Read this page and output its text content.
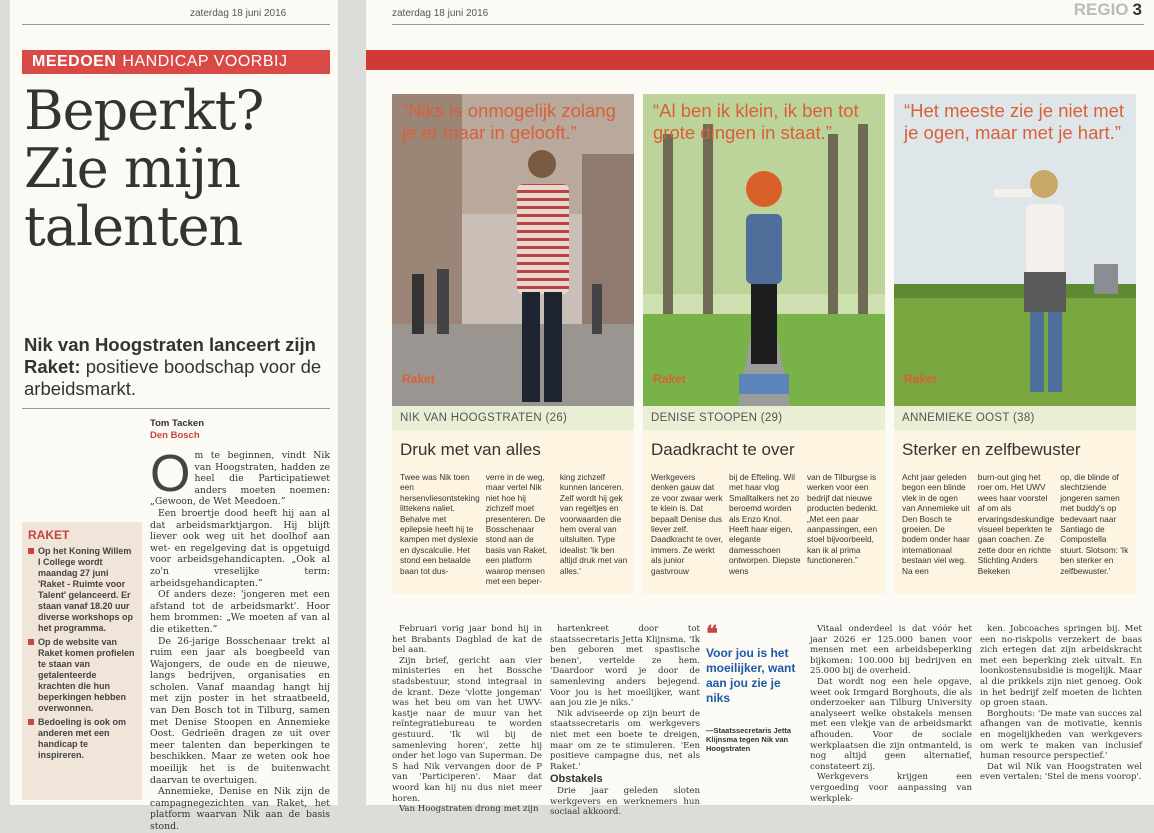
zaterdag 18 juni 2016
MEEDOEN HANDICAP VOORBIJ
Beperkt?
Zie mijn
talenten
Nik van Hoogstraten lanceert zijn Raket: positieve boodschap voor de arbeidsmarkt.
Tom Tacken
Den Bosch
RAKET
Op het Koning Willem I College wordt maandag 27 juni 'Raket - Ruimte voor Talent' gelanceerd. Er staan vanaf 18.20 uur diverse workshops op het programma.
Op de website van Raket komen profielen te staan van getalenteerde krachten die hun beperkingen hebben overwonnen.
Bedoeling is ook om anderen met een handicap te inspireren.
O m te beginnen, vindt Nik van Hoogstraten, hadden ze heel die Participatiewet anders moeten noemen: „Gewoon, de Wet Meedoen.”

Een broertje dood heeft hij aan al dat arbeidsmarktjargon. Hij blijft liever ook weg uit het doolhof aan wet- en regelgeving dat is opgetuigd voor arbeidsgehandicapten. „Ook al zo'n vreselijke term: arbeidsgehandicapten.”

Of anders deze: 'jongeren met een afstand tot de arbeidsmarkt'. Hoor hem brommen: „We moeten af van al die etiketten.”

De 26-jarige Bosschenaar trekt al ruim een jaar als boegbeeld van Wajongers, de oude en de nieuwe, langs bedrijven, organisaties en scholen. Vanaf maandag hangt hij met zijn poster in het straatbeeld, van Den Bosch tot in Tilburg, samen met Denise Stoopen en Annemieke Oost. Gedrieën dragen ze uit over meer talenten dan beperkingen te beschikken. Maar ze weten ook hoe moeilijk het is de buitenwacht daarvan te overtuigen.

Annemieke, Denise en Nik zijn de campagnegezichten van Raket, het platform waarvan Nik aan de basis stond.

zaterdag 18 juni 2016	REGIO 3
“Niks is onmogelijk zolang je er maar in gelooft.”
Raket
NIK VAN HOOGSTRATEN (26)
Druk met van alles
Twee was Nik toen een hersenvliesontsteking littekens naliet. Behalve met epilepsie heeft hij te kampen met dyslexie en dyscalculie. Het stond een betaalde baan tot dus-
verre in de weg, maar vertel Nik niet hoe hij zichzelf moet presenteren. De Bosschenaar stond aan de basis van Raket, een platform waarop mensen met een beper-
king zichzelf kunnen lanceren. Zelf wordt hij gek van regeltjes en voorwaarden die hem overal van uitsluiten. Type idealist: 'Ik ben altijd druk met van alles.'
“Al ben ik klein, ik ben tot grote dingen in staat.”
Raket
DENISE STOOPEN (29)
Daadkracht te over
Werkgevers denken gauw dat ze voor zwaar werk te klein is. Dat bepaalt Denise dus liever zelf. Daadkracht te over, immers. Ze werkt als junior gastvrouw
bij de Efteling. Wil met haar vlog Smalltalkers net zo beroemd worden als Enzo Knol. Heeft haar eigen, elegante damesschoen ontworpen. Diepste wens
van de Tilburgse is werken voor een bedrijf dat nieuwe producten bedenkt. „Met een paar aanpassingen, een stoel bijvoorbeeld, kan ik al prima functioneren.”
“Het meeste zie je niet met je ogen, maar met je hart.”
Raket
ANNEMIEKE OOST (38)
Sterker en zelfbewuster
Acht jaar geleden begon een blinde vlek in de ogen van Annemieke uit Den Bosch te groeien. De bodem onder haar internationaal bestaan viel weg. Na een
burn-out ging het roer om. Het UWV wees haar voorstel af om als ervaringsdeskundige visueel beperkten te gaan coachen. Ze zette door en richtte Stichting Anders Bekeken
op, die blinde of slechtziende jongeren samen met buddy's op bedevaart naar Santiago de Compostella stuurt. Slotsom: 'Ik ben sterker en zelfbewuster.'

Februari vorig jaar bond hij in het Brabants Dagblad de kat de bel aan.

Zijn brief, gericht aan vier ministeries en het Bossche stadsbestuur, stond integraal in de krant. Deze 'vlotte jongeman' was het beu om van het UWV-kastje naar de muur van het reïntegratiebureau te worden gestuurd. 'Ik wil bij de samenleving horen', zette hij onder het logo van Superman. De S had Nik vervangen door de P van 'Participeren'. Maar dat woord kan hij nu dus niet meer horen.

Van Hoogstraten drong met zijn

hartenkreet door tot staatssecretaris Jetta Klijnsma. 'Ik ben geboren met spastische benen', vertelde ze hem. 'Daardoor word je door de samenleving anders bejegend. Voor jou is het moeilijker, want aan jou zie je niks.'

Nik adviseerde op zijn beurt de staatssecretaris om werkgevers niet met een boete te dreigen, maar om ze te stimuleren. 'Een positieve campagne dus, net als Raket.'

Obstakels

Drie jaar geleden sloten werkgevers en werknemers hun sociaal akkoord.

❝
Voor jou is het moeilijker, want aan jou zie je niks
—Staatssecretaris Jetta Klijnsma tegen Nik van Hoogstraten

Vitaal onderdeel is dat vóór het jaar 2026 er 125.000 banen voor mensen met een arbeidsbeperking bijkomen: 100.000 bij bedrijven en 25.000 bij de overheid.

Dat wordt nog een hele opgave, weet ook Irmgard Borghouts, die als onderzoeker aan Tilburg University analyseert welke obstakels mensen met een vlekje van de arbeidsmarkt afhouden. Voor de sociale werkplaatsen die zijn ontmanteld, is nog altijd geen alternatief, constateert zij.

Werkgevers krijgen een vergoeding voor aanpassing van werkplek-

ken. Jobcoaches springen bij. Met een no-riskpolis verzekert de baas zich ertegen dat zijn arbeidskracht met een beperking ziek uitvalt. En loonkostensubsidie is mogelijk. Maar al die prikkels zijn niet genoeg. Ook in het bedrijf zelf moeten de lichten op groen staan.

Borghouts: 'De mate van succes zal afhangen van de motivatie, kennis en mogelijkheden van werkgevers om werk te maken van inclusief human resource perspectief.'

Dat wil Nik van Hoogstraten wel even vertalen: 'Stel de mens voorop'.
